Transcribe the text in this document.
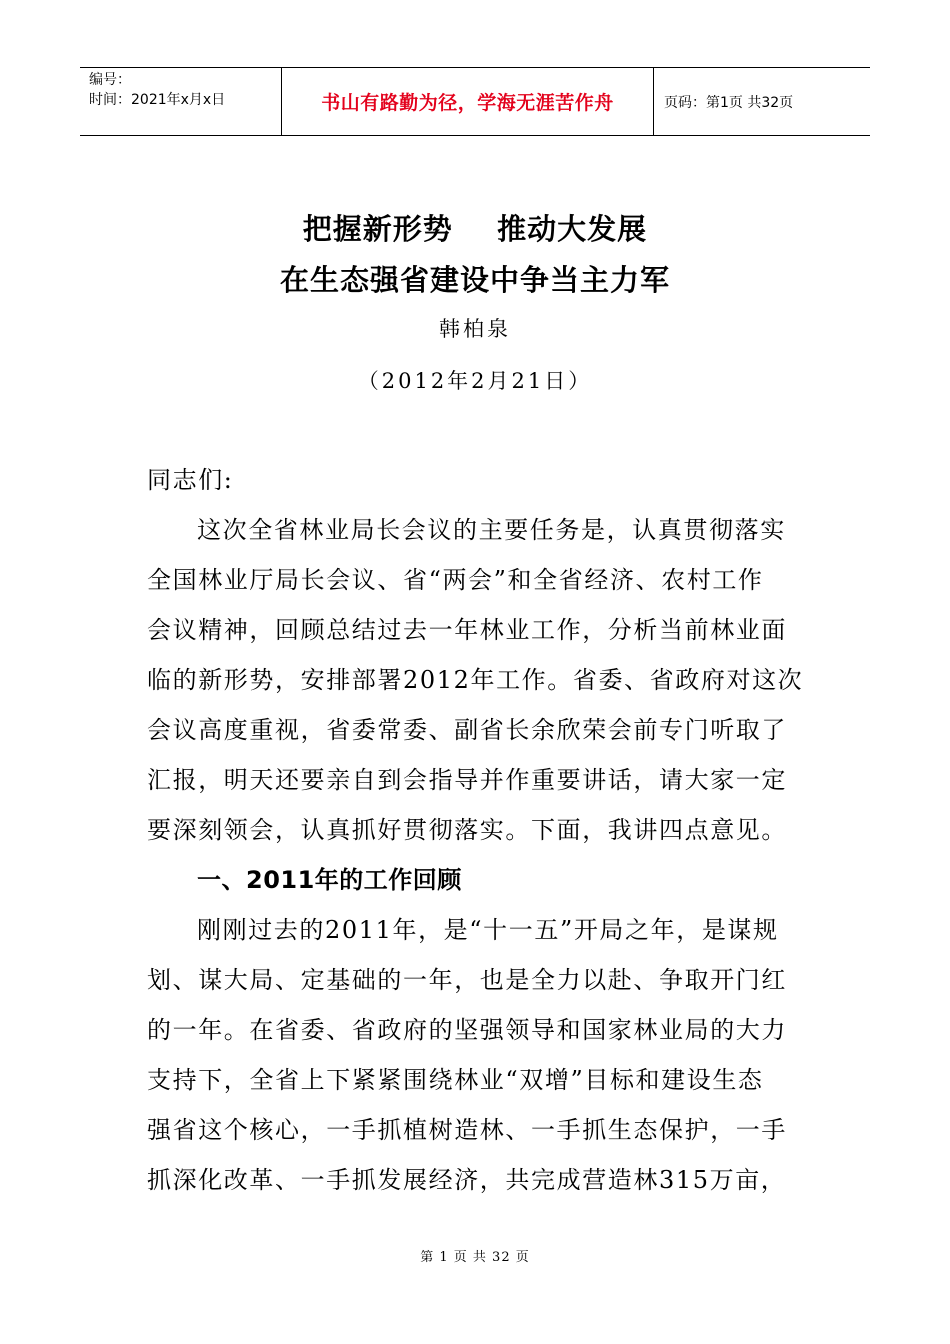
编号：
时间：2021年x月x日	书山有路勤为径，学海无涯苦作舟	页码：第1页 共32页
把握新形势    推动大发展
在生态强省建设中争当主力军
韩柏泉
（2012年2月21日）
同志们:

这次全省林业局长会议的主要任务是，认真贯彻落实
全国林业厅局长会议、省“两会”和全省经济、农村工作
会议精神，回顾总结过去一年林业工作，分析当前林业面
临的新形势，安排部署2012年工作。省委、省政府对这次
会议高度重视，省委常委、副省长余欣荣会前专门听取了
汇报，明天还要亲自到会指导并作重要讲话，请大家一定
要深刻领会，认真抓好贯彻落实。下面，我讲四点意见。

一、2011年的工作回顾

刚刚过去的2011年，是“十一五”开局之年，是谋规
划、谋大局、定基础的一年，也是全力以赴、争取开门红
的一年。在省委、省政府的坚强领导和国家林业局的大力
支持下，全省上下紧紧围绕林业“双增”目标和建设生态
强省这个核心，一手抓植树造林、一手抓生态保护，一手
抓深化改革、一手抓发展经济，共完成营造林315万亩，

第 1 页 共 32 页
